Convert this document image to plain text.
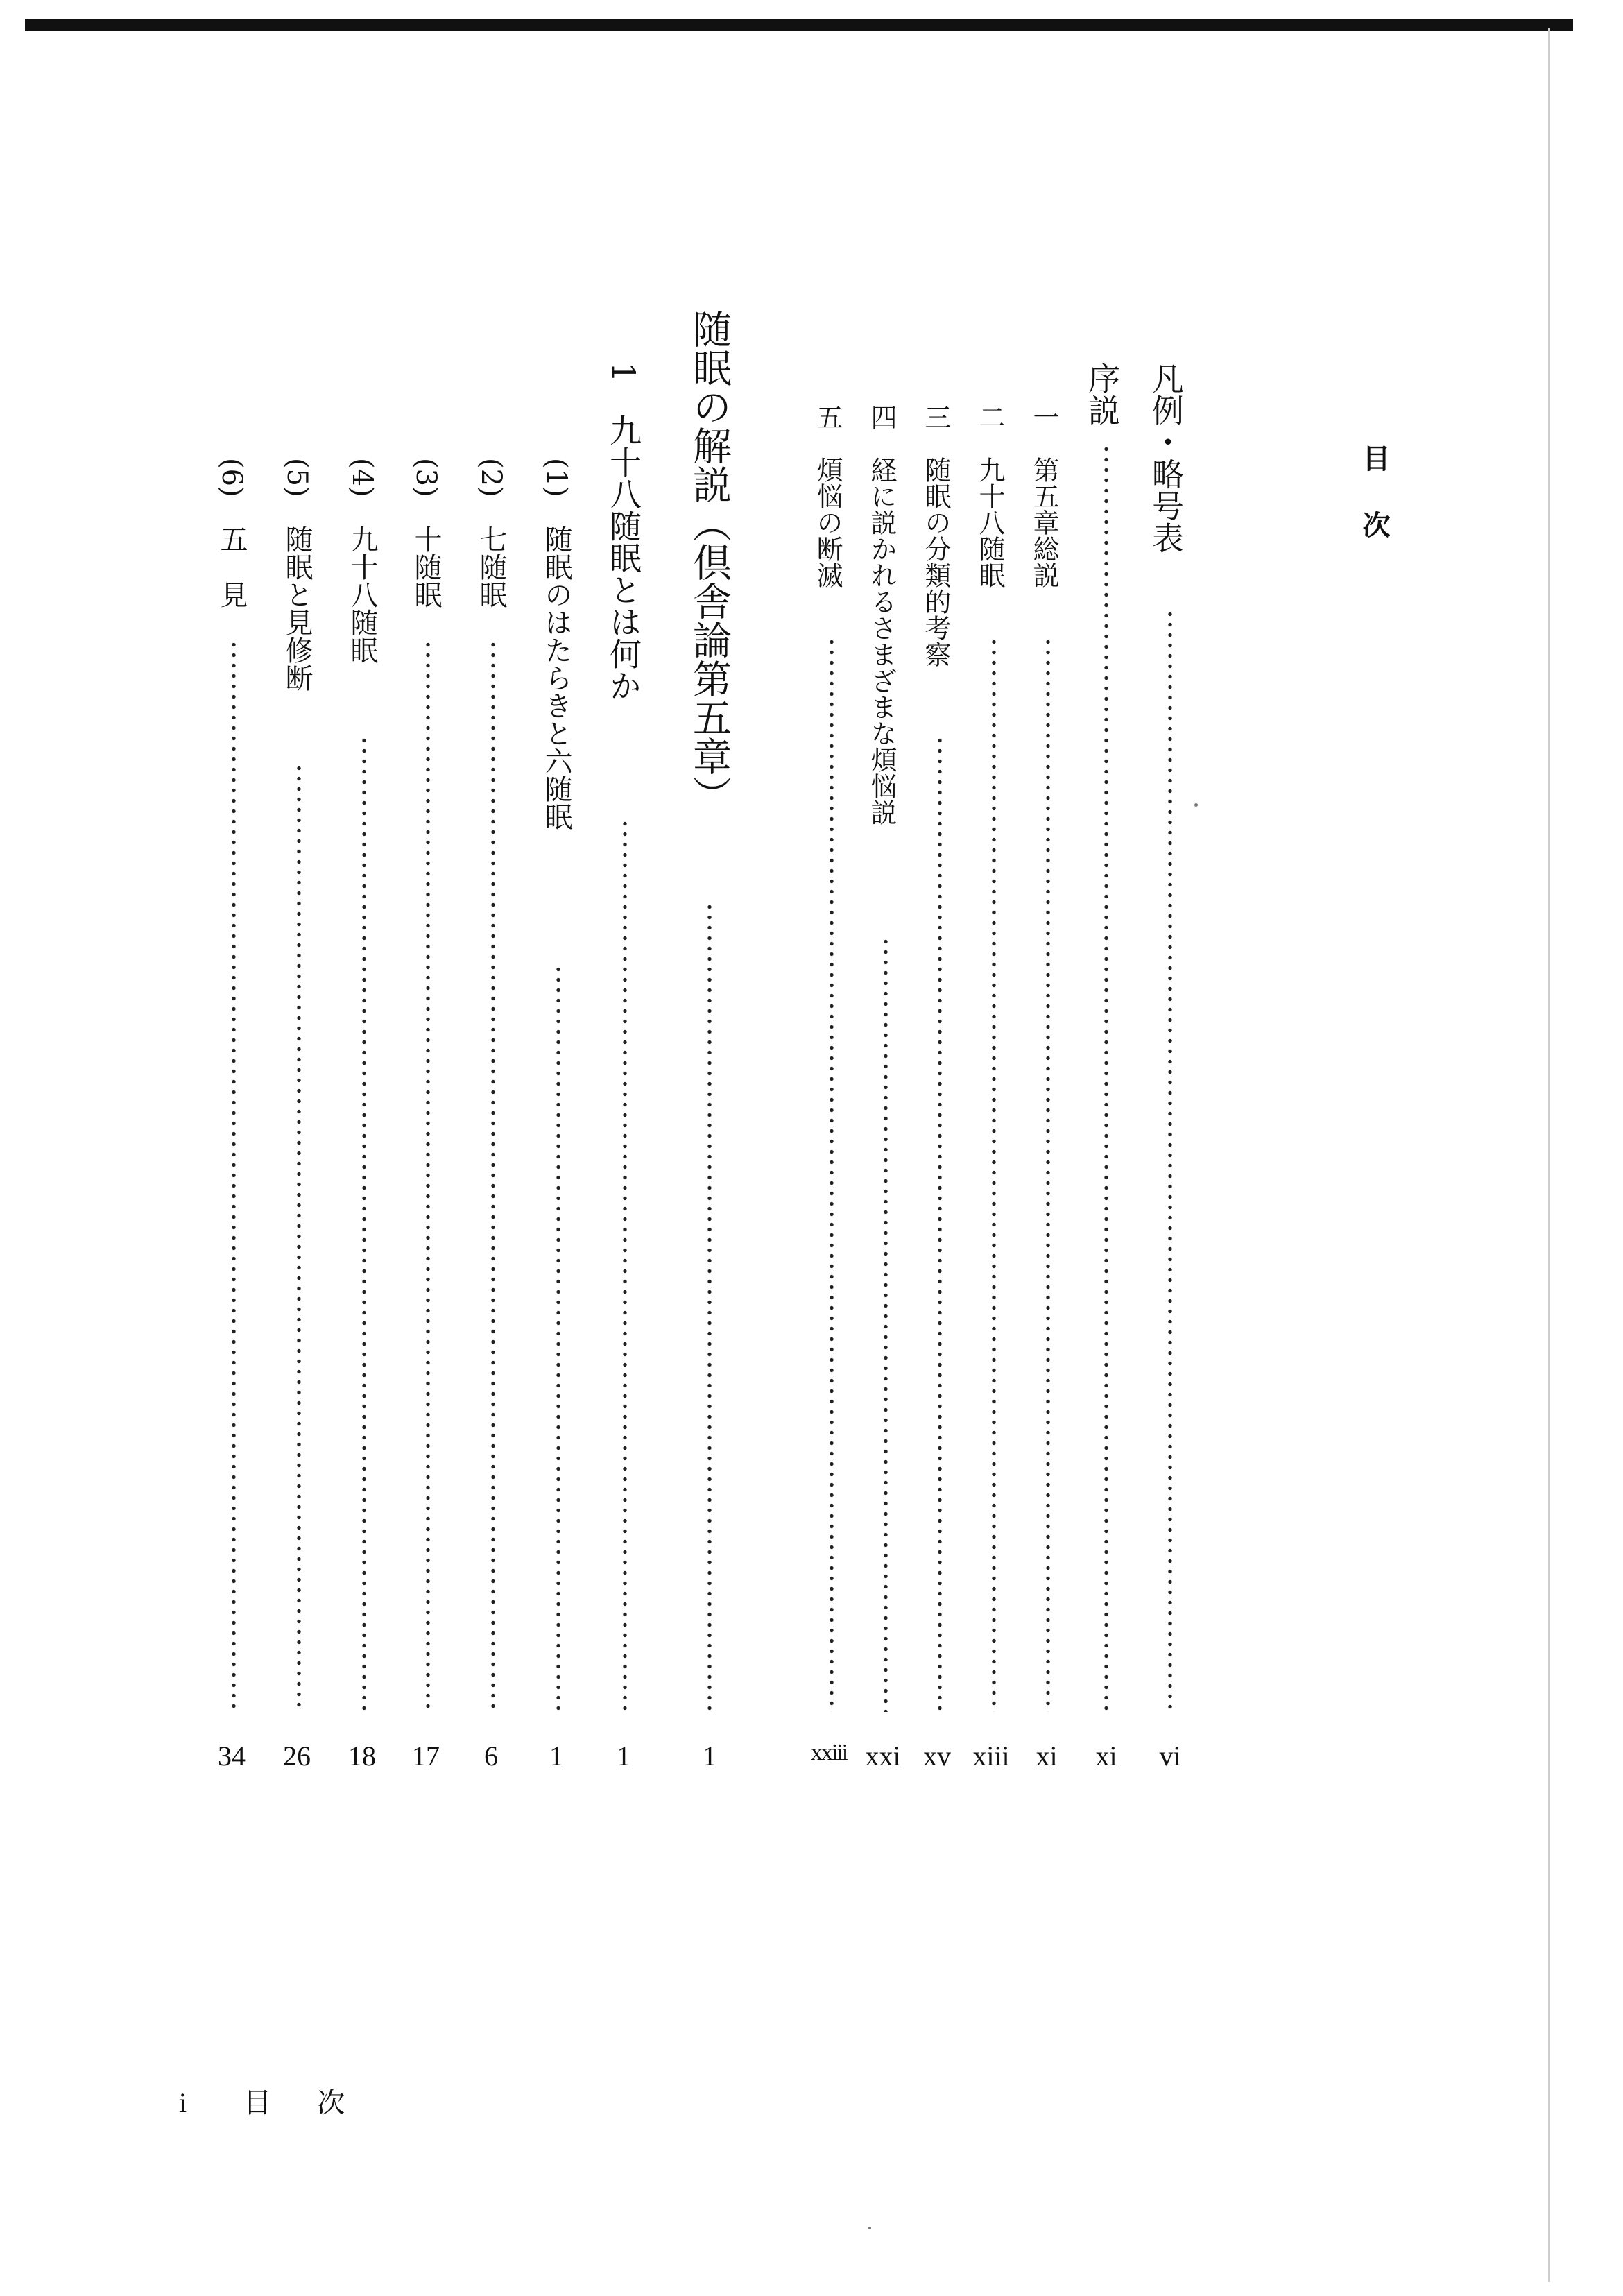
目次
凡例・略号表
vi
序説
xi
一　第五章総説
xi
二　九十八随眠
xiii
三　随眠の分類的考察
xv
四　経に説かれるさまざまな煩悩説
xxi
五　煩悩の断滅
xxiii
随眠の解説（倶舎論第五章）
1
1　九十八随眠とは何か
1
(1)　随眠のはたらきと六随眠
1
(2)　七随眠
6
(3)　十随眠
17
(4)　九十八随眠
18
(5)　随眠と見修断
26
(6)　五　見
34
i 目次
